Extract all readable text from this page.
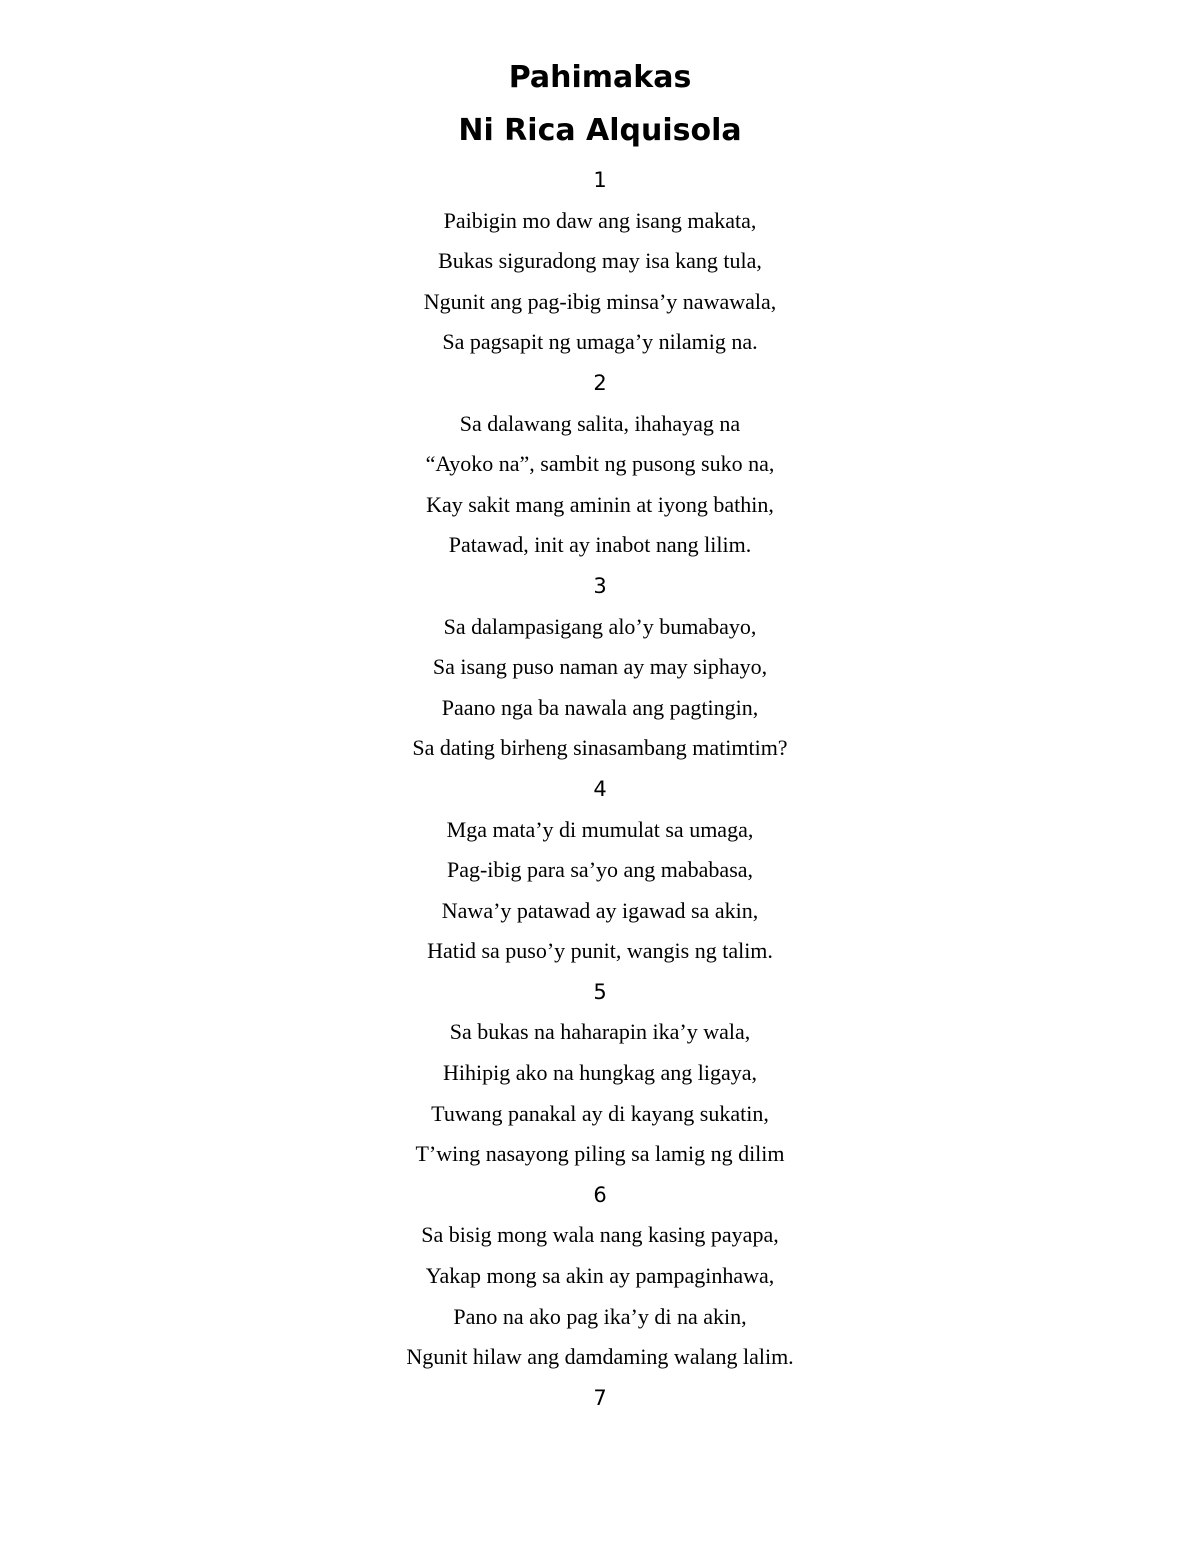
Pahimakas
Ni Rica Alquisola
1
Paibigin mo daw ang isang makata,
Bukas siguradong may isa kang tula,
Ngunit ang pag-ibig minsa’y nawawala,
Sa pagsapit ng umaga’y nilamig na.
2
Sa dalawang salita, ihahayag na
“Ayoko na”, sambit ng pusong suko na,
Kay sakit mang aminin at iyong bathin,
Patawad, init ay inabot nang lilim.
3
Sa dalampasigang alo’y bumabayo,
Sa isang puso naman ay may siphayo,
Paano nga ba nawala ang pagtingin,
Sa dating birheng sinasambang matimtim?
4
Mga mata’y di mumulat sa umaga,
Pag-ibig para sa’yo ang mababasa,
Nawa’y patawad ay igawad sa akin,
Hatid sa puso’y punit, wangis ng talim.
5
Sa bukas na haharapin ika’y wala,
Hihipig ako na hungkag ang ligaya,
Tuwang panakal ay di kayang sukatin,
T’wing nasayong piling sa lamig ng dilim
6
Sa bisig mong wala nang kasing payapa,
Yakap mong sa akin ay pampaginhawa,
Pano na ako pag ika’y di na akin,
Ngunit hilaw ang damdaming walang lalim.
7
